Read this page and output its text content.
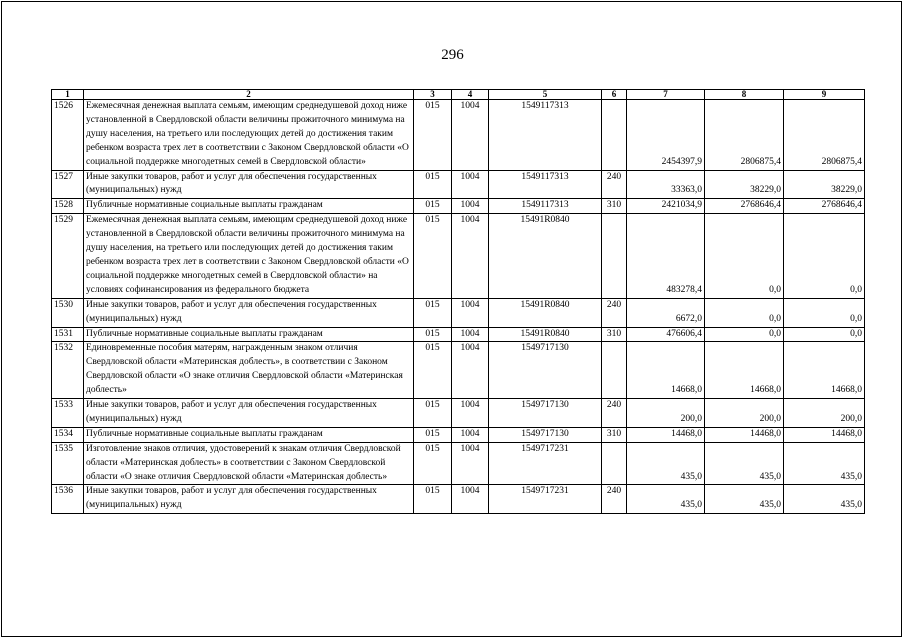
296
1	2	3	4	5	6	7	8	9
1526	Ежемесячная денежная выплата семьям, имеющим среднедушевой доход ниже установленной в Свердловской области величины прожиточного минимума на душу населения, на третьего или последующих детей до достижения таким ребенком возраста трех лет в соответствии с Законом Свердловской области «О социальной поддержке многодетных семей в Свердловской области»	015	1004	1549117313		2454397,9	2806875,4	2806875,4
1527	Иные закупки товаров, работ и услуг для обеспечения государственных (муниципальных) нужд	015	1004	1549117313	240	33363,0	38229,0	38229,0
1528	Публичные нормативные социальные выплаты гражданам	015	1004	1549117313	310	2421034,9	2768646,4	2768646,4
1529	Ежемесячная денежная выплата семьям, имеющим среднедушевой доход ниже установленной в Свердловской области величины прожиточного минимума на душу населения, на третьего или последующих детей до достижения таким ребенком возраста трех лет в соответствии с Законом Свердловской области «О социальной поддержке многодетных семей в Свердловской области» на условиях софинансирования из федерального бюджета	015	1004	15491R0840		483278,4	0,0	0,0
1530	Иные закупки товаров, работ и услуг для обеспечения государственных (муниципальных) нужд	015	1004	15491R0840	240	6672,0	0,0	0,0
1531	Публичные нормативные социальные выплаты гражданам	015	1004	15491R0840	310	476606,4	0,0	0,0
1532	Единовременные пособия матерям, награжденным знаком отличия Свердловской области «Материнская доблесть», в соответствии с Законом Свердловской области «О знаке отличия Свердловской области «Материнская доблесть»	015	1004	1549717130		14668,0	14668,0	14668,0
1533	Иные закупки товаров, работ и услуг для обеспечения государственных (муниципальных) нужд	015	1004	1549717130	240	200,0	200,0	200,0
1534	Публичные нормативные социальные выплаты гражданам	015	1004	1549717130	310	14468,0	14468,0	14468,0
1535	Изготовление знаков отличия, удостоверений к знакам отличия Свердловской области «Материнская доблесть» в соответствии с Законом Свердловской области «О знаке отличия Свердловской области «Материнская доблесть»	015	1004	1549717231		435,0	435,0	435,0
1536	Иные закупки товаров, работ и услуг для обеспечения государственных (муниципальных) нужд	015	1004	1549717231	240	435,0	435,0	435,0
